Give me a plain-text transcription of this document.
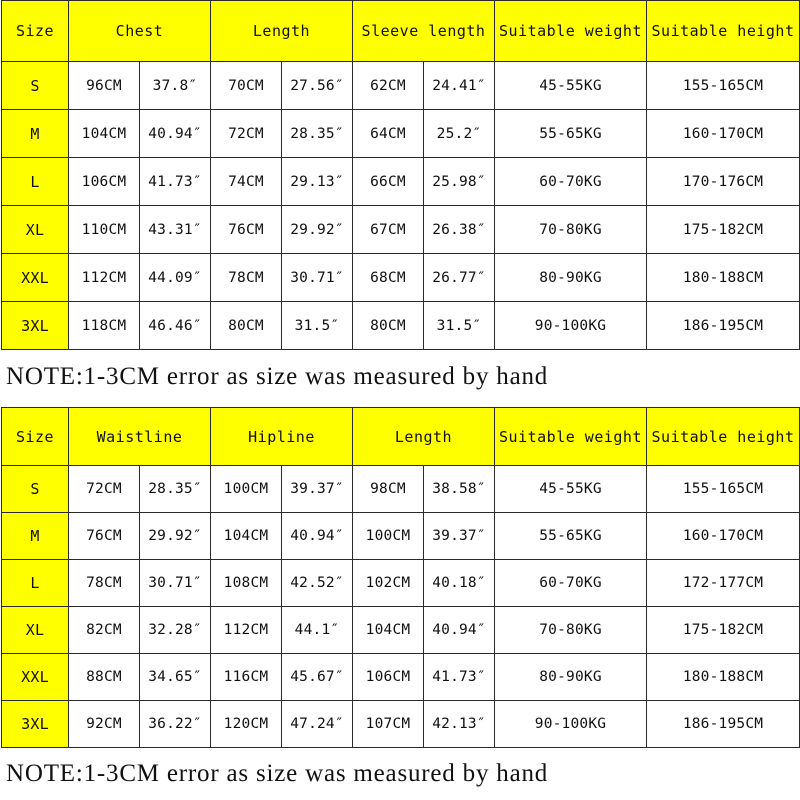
Size	Chest		Length		Sleeve length		Suitable weight	Suitable height
S	96CM	37.8″	70CM	27.56″	62CM	24.41″	45-55KG	155-165CM
M	104CM	40.94″	72CM	28.35″	64CM	25.2″	55-65KG	160-170CM
L	106CM	41.73″	74CM	29.13″	66CM	25.98″	60-70KG	170-176CM
XL	110CM	43.31″	76CM	29.92″	67CM	26.38″	70-80KG	175-182CM
XXL	112CM	44.09″	78CM	30.71″	68CM	26.77″	80-90KG	180-188CM
3XL	118CM	46.46″	80CM	31.5″	80CM	31.5″	90-100KG	186-195CM
NOTE:1-3CM error as size was measured by hand
Size	Waistline		Hipline		Length		Suitable weight	Suitable height
S	72CM	28.35″	100CM	39.37″	98CM	38.58″	45-55KG	155-165CM
M	76CM	29.92″	104CM	40.94″	100CM	39.37″	55-65KG	160-170CM
L	78CM	30.71″	108CM	42.52″	102CM	40.18″	60-70KG	172-177CM
XL	82CM	32.28″	112CM	44.1″	104CM	40.94″	70-80KG	175-182CM
XXL	88CM	34.65″	116CM	45.67″	106CM	41.73″	80-90KG	180-188CM
3XL	92CM	36.22″	120CM	47.24″	107CM	42.13″	90-100KG	186-195CM
NOTE:1-3CM error as size was measured by hand
